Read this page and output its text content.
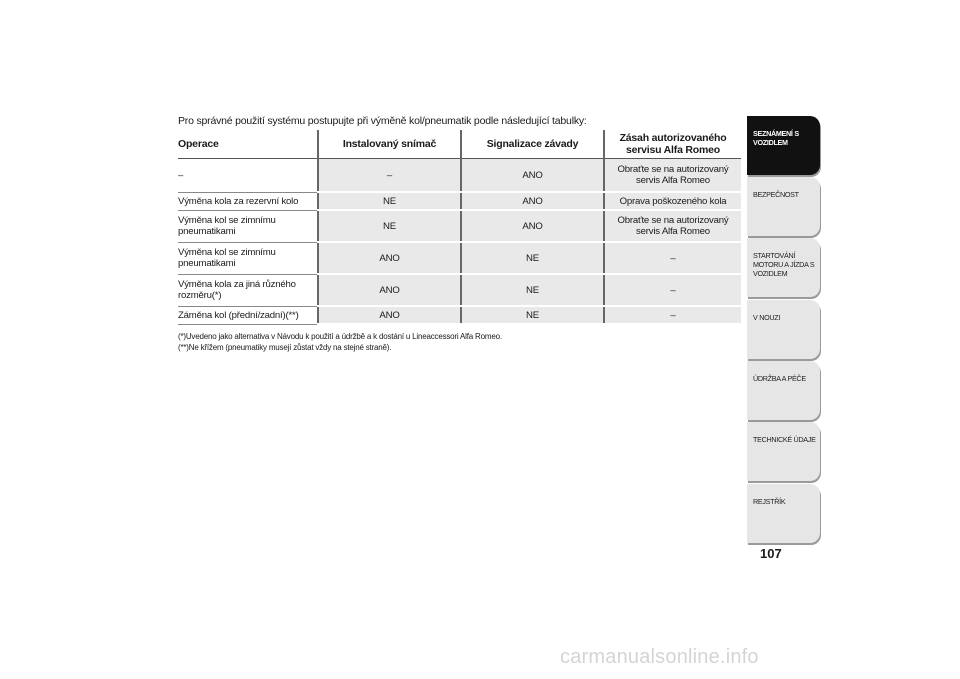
Pro správné použití systému postupujte při výměně kol/pneumatik podle následující tabulky:
Operace	Instalovaný snímač	Signalizace závady	Zásah autorizovaného servisu Alfa Romeo
–	–	ANO	Obraťte se na autorizovaný servis Alfa Romeo
Výměna kola za rezervní kolo	NE	ANO	Oprava poškozeného kola
Výměna kol se zimnímu pneumatikami	NE	ANO	Obraťte se na autorizovaný servis Alfa Romeo
Výměna kol se zimnímu pneumatikami	ANO	NE	–
Výměna kola za jiná různého rozměru(*)	ANO	NE	–
Záměna kol (přední/zadní)(**)	ANO	NE	–
(*)Uvedeno jako alternativa v Návodu k použití a údržbě a k dostání u Lineaccessori Alfa Romeo.
(**)Ne křížem (pneumatiky musejí zůstat vždy na stejné straně).
SEZNÁMENÍ S VOZIDLEM
BEZPEČNOST
STARTOVÁNÍ MOTORU A JÍZDA S VOZIDLEM
V NOUZI
ÚDRŽBA A PÉČE
TECHNICKÉ ÚDAJE
REJSTŘÍK
107
carmanualsonline.info
